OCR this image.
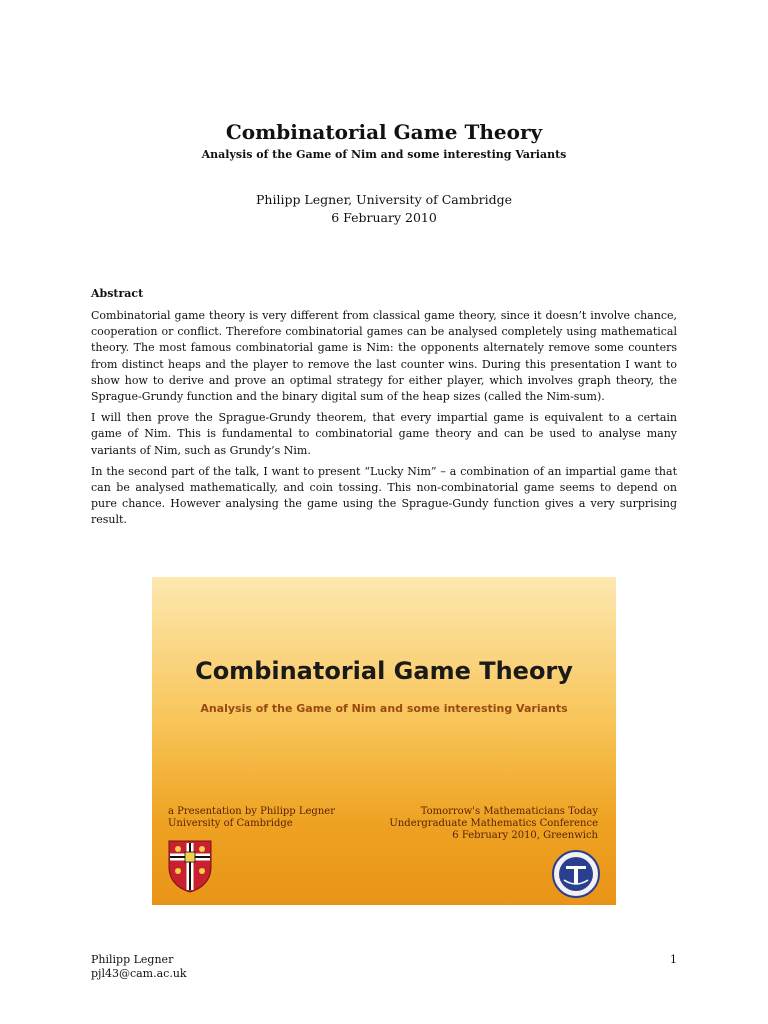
Combinatorial Game Theory
Analysis of the Game of Nim and some interesting Variants
Philipp Legner, University of Cambridge
6 February 2010
Abstract

Combinatorial game theory is very different from classical game theory, since it doesn’t involve chance, cooperation or conflict. Therefore combinatorial games can be analysed completely using mathematical theory. The most famous combinatorial game is Nim: the opponents alternately remove some counters from distinct heaps and the player to remove the last counter wins. During this presentation I want to show how to derive and prove an optimal strategy for either player, which involves graph theory, the Sprague-Grundy function and the binary digital sum of the heap sizes (called the Nim-sum).

I will then prove the Sprague-Grundy theorem, that every impartial game is equivalent to a certain game of Nim. This is fundamental to combinatorial game theory and can be used to analyse many variants of Nim, such as Grundy’s Nim.

In the second part of the talk, I want to present “Lucky Nim” – a combination of an impartial game that can be analysed mathematically, and coin tossing. This non-combinatorial game seems to depend on pure chance. However analysing the game using the Sprague-Gundy function gives a very surprising result.

Combinatorial Game Theory
Analysis of the Game of Nim and some interesting Variants
a Presentation by Philipp Legner
University of Cambridge
Tomorrow's Mathematicians Today
Undergraduate Mathematics Conference
6 February 2010, Greenwich
Philipp Legner
pjl43@cam.ac.uk
1
